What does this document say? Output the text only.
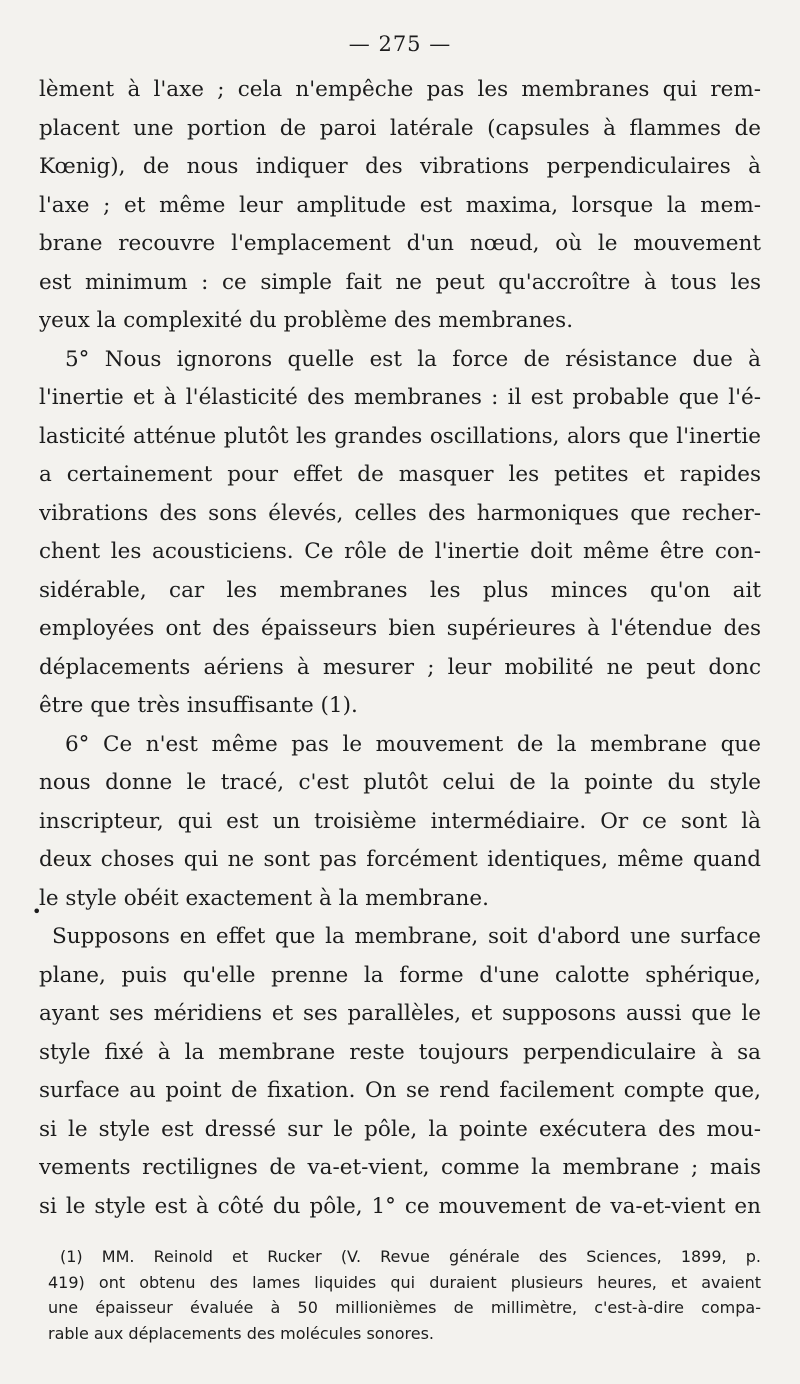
— 275 —
lèment à l'axe ; cela n'empêche pas les membranes qui rem-
placent une portion de paroi latérale (capsules à flammes de
Kœnig), de nous indiquer des vibrations perpendiculaires à
l'axe ; et même leur amplitude est maxima, lorsque la mem-
brane recouvre l'emplacement d'un nœud, où le mouvement
est minimum : ce simple fait ne peut qu'accroître à tous les
yeux la complexité du problème des membranes.
5° Nous ignorons quelle est la force de résistance due à
l'inertie et à l'élasticité des membranes : il est probable que l'é-
lasticité atténue plutôt les grandes oscillations, alors que l'inertie
a certainement pour effet de masquer les petites et rapides
vibrations des sons élevés, celles des harmoniques que recher-
chent les acousticiens. Ce rôle de l'inertie doit même être con-
sidérable, car les membranes les plus minces qu'on ait
employées ont des épaisseurs bien supérieures à l'étendue des
déplacements aériens à mesurer ; leur mobilité ne peut donc
être que très insuffisante (1).
6° Ce n'est même pas le mouvement de la membrane que
nous donne le tracé, c'est plutôt celui de la pointe du style
inscripteur, qui est un troisième intermédiaire. Or ce sont là
deux choses qui ne sont pas forcément identiques, même quand
le style obéit exactement à la membrane.
Supposons en effet que la membrane, soit d'abord une surface
plane, puis qu'elle prenne la forme d'une calotte sphérique,
ayant ses méridiens et ses parallèles, et supposons aussi que le
style fixé à la membrane reste toujours perpendiculaire à sa
surface au point de fixation. On se rend facilement compte que,
si le style est dressé sur le pôle, la pointe exécutera des mou-
vements rectilignes de va-et-vient, comme la membrane ; mais
si le style est à côté du pôle, 1° ce mouvement de va-et-vient en
•
(1) MM. Reinold et Rucker (V. Revue générale des Sciences, 1899, p.
419) ont obtenu des lames liquides qui duraient plusieurs heures, et avaient
une épaisseur évaluée à 50 millionièmes de millimètre, c'est-à-dire compa-
rable aux déplacements des molécules sonores.
